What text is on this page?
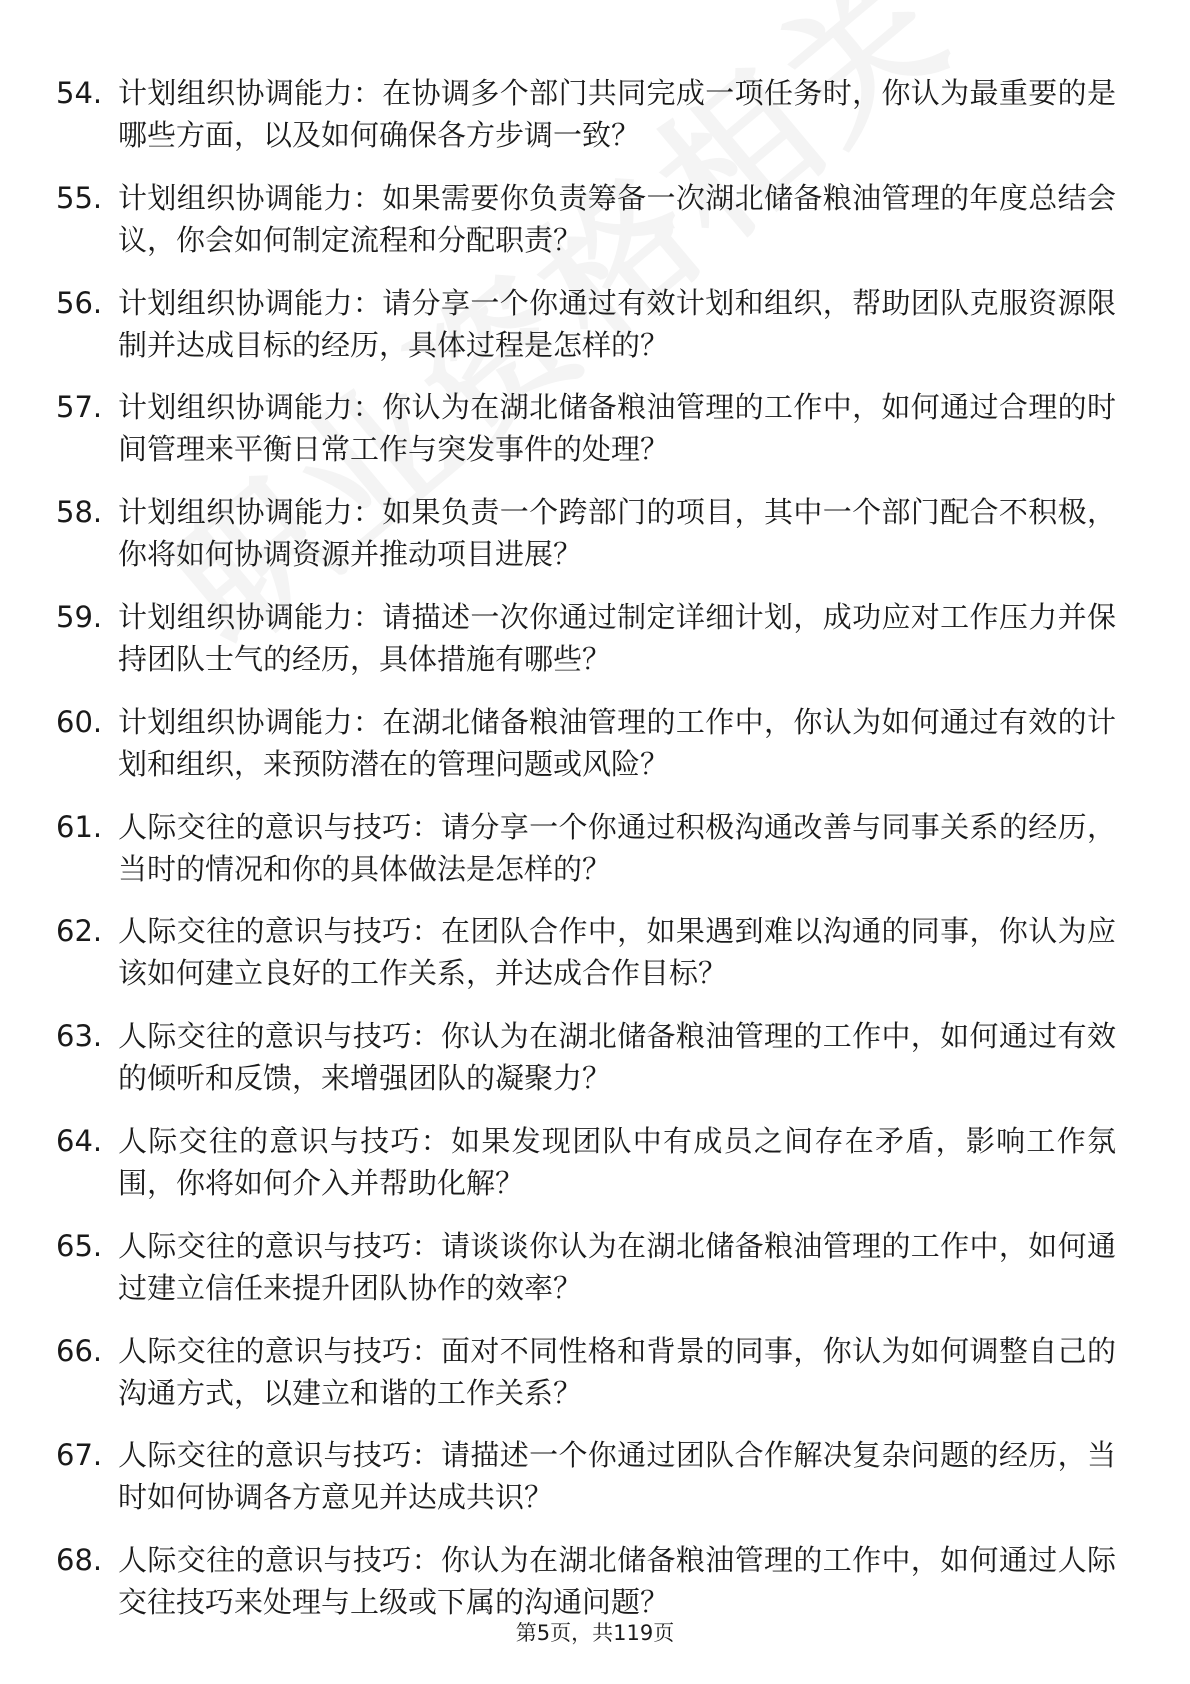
54. 计划组织协调能力：在协调多个部门共同完成一项任务时，你认为最重要的是哪些方面，以及如何确保各方步调一致？
55. 计划组织协调能力：如果需要你负责筹备一次湖北储备粮油管理的年度总结会议，你会如何制定流程和分配职责？
56. 计划组织协调能力：请分享一个你通过有效计划和组织，帮助团队克服资源限制并达成目标的经历，具体过程是怎样的？
57. 计划组织协调能力：你认为在湖北储备粮油管理的工作中，如何通过合理的时间管理来平衡日常工作与突发事件的处理？
58. 计划组织协调能力：如果负责一个跨部门的项目，其中一个部门配合不积极，你将如何协调资源并推动项目进展？
59. 计划组织协调能力：请描述一次你通过制定详细计划，成功应对工作压力并保持团队士气的经历，具体措施有哪些？
60. 计划组织协调能力：在湖北储备粮油管理的工作中，你认为如何通过有效的计划和组织，来预防潜在的管理问题或风险？
61. 人际交往的意识与技巧：请分享一个你通过积极沟通改善与同事关系的经历，当时的情况和你的具体做法是怎样的？
62. 人际交往的意识与技巧：在团队合作中，如果遇到难以沟通的同事，你认为应该如何建立良好的工作关系，并达成合作目标？
63. 人际交往的意识与技巧：你认为在湖北储备粮油管理的工作中，如何通过有效的倾听和反馈，来增强团队的凝聚力？
64. 人际交往的意识与技巧：如果发现团队中有成员之间存在矛盾，影响工作氛围，你将如何介入并帮助化解？
65. 人际交往的意识与技巧：请谈谈你认为在湖北储备粮油管理的工作中，如何通过建立信任来提升团队协作的效率？
66. 人际交往的意识与技巧：面对不同性格和背景的同事，你认为如何调整自己的沟通方式，以建立和谐的工作关系？
67. 人际交往的意识与技巧：请描述一个你通过团队合作解决复杂问题的经历，当时如何协调各方意见并达成共识？
68. 人际交往的意识与技巧：你认为在湖北储备粮油管理的工作中，如何通过人际交往技巧来处理与上级或下属的沟通问题？
第5页，共119页
